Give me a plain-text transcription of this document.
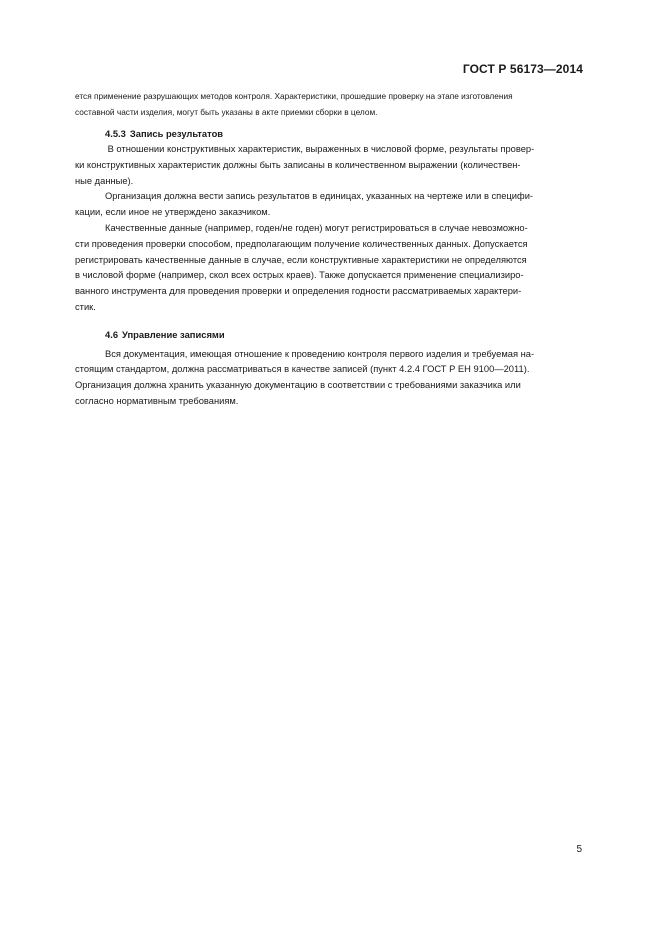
ГОСТ Р 56173—2014
ется применение разрушающих методов контроля. Характеристики, прошедшие проверку на этапе изготовления
составной части изделия, могут быть указаны в акте приемки сборки в целом.
4.5.3 Запись результатов
В отношении конструктивных характеристик, выраженных в числовой форме, результаты провер-
ки конструктивных характеристик должны быть записаны в количественном выражении (количествен-
ные данные).
Организация должна вести запись результатов в единицах, указанных на чертеже или в специфи-
кации, если иное не утверждено заказчиком.
Качественные данные (например, годен/не годен) могут регистрироваться в случае невозможно-
сти проведения проверки способом, предполагающим получение количественных данных. Допускается
регистрировать качественные данные в случае, если конструктивные характеристики не определяются
в числовой форме (например, скол всех острых краев). Также допускается применение специализиро-
ванного инструмента для проведения проверки и определения годности рассматриваемых характери-
стик.
4.6 Управление записями
Вся документация, имеющая отношение к проведению контроля первого изделия и требуемая на-
стоящим стандартом, должна рассматриваться в качестве записей (пункт 4.2.4 ГОСТ Р ЕН 9100—2011).
Организация должна хранить указанную документацию в соответствии с требованиями заказчика или
согласно нормативным требованиям.
5
